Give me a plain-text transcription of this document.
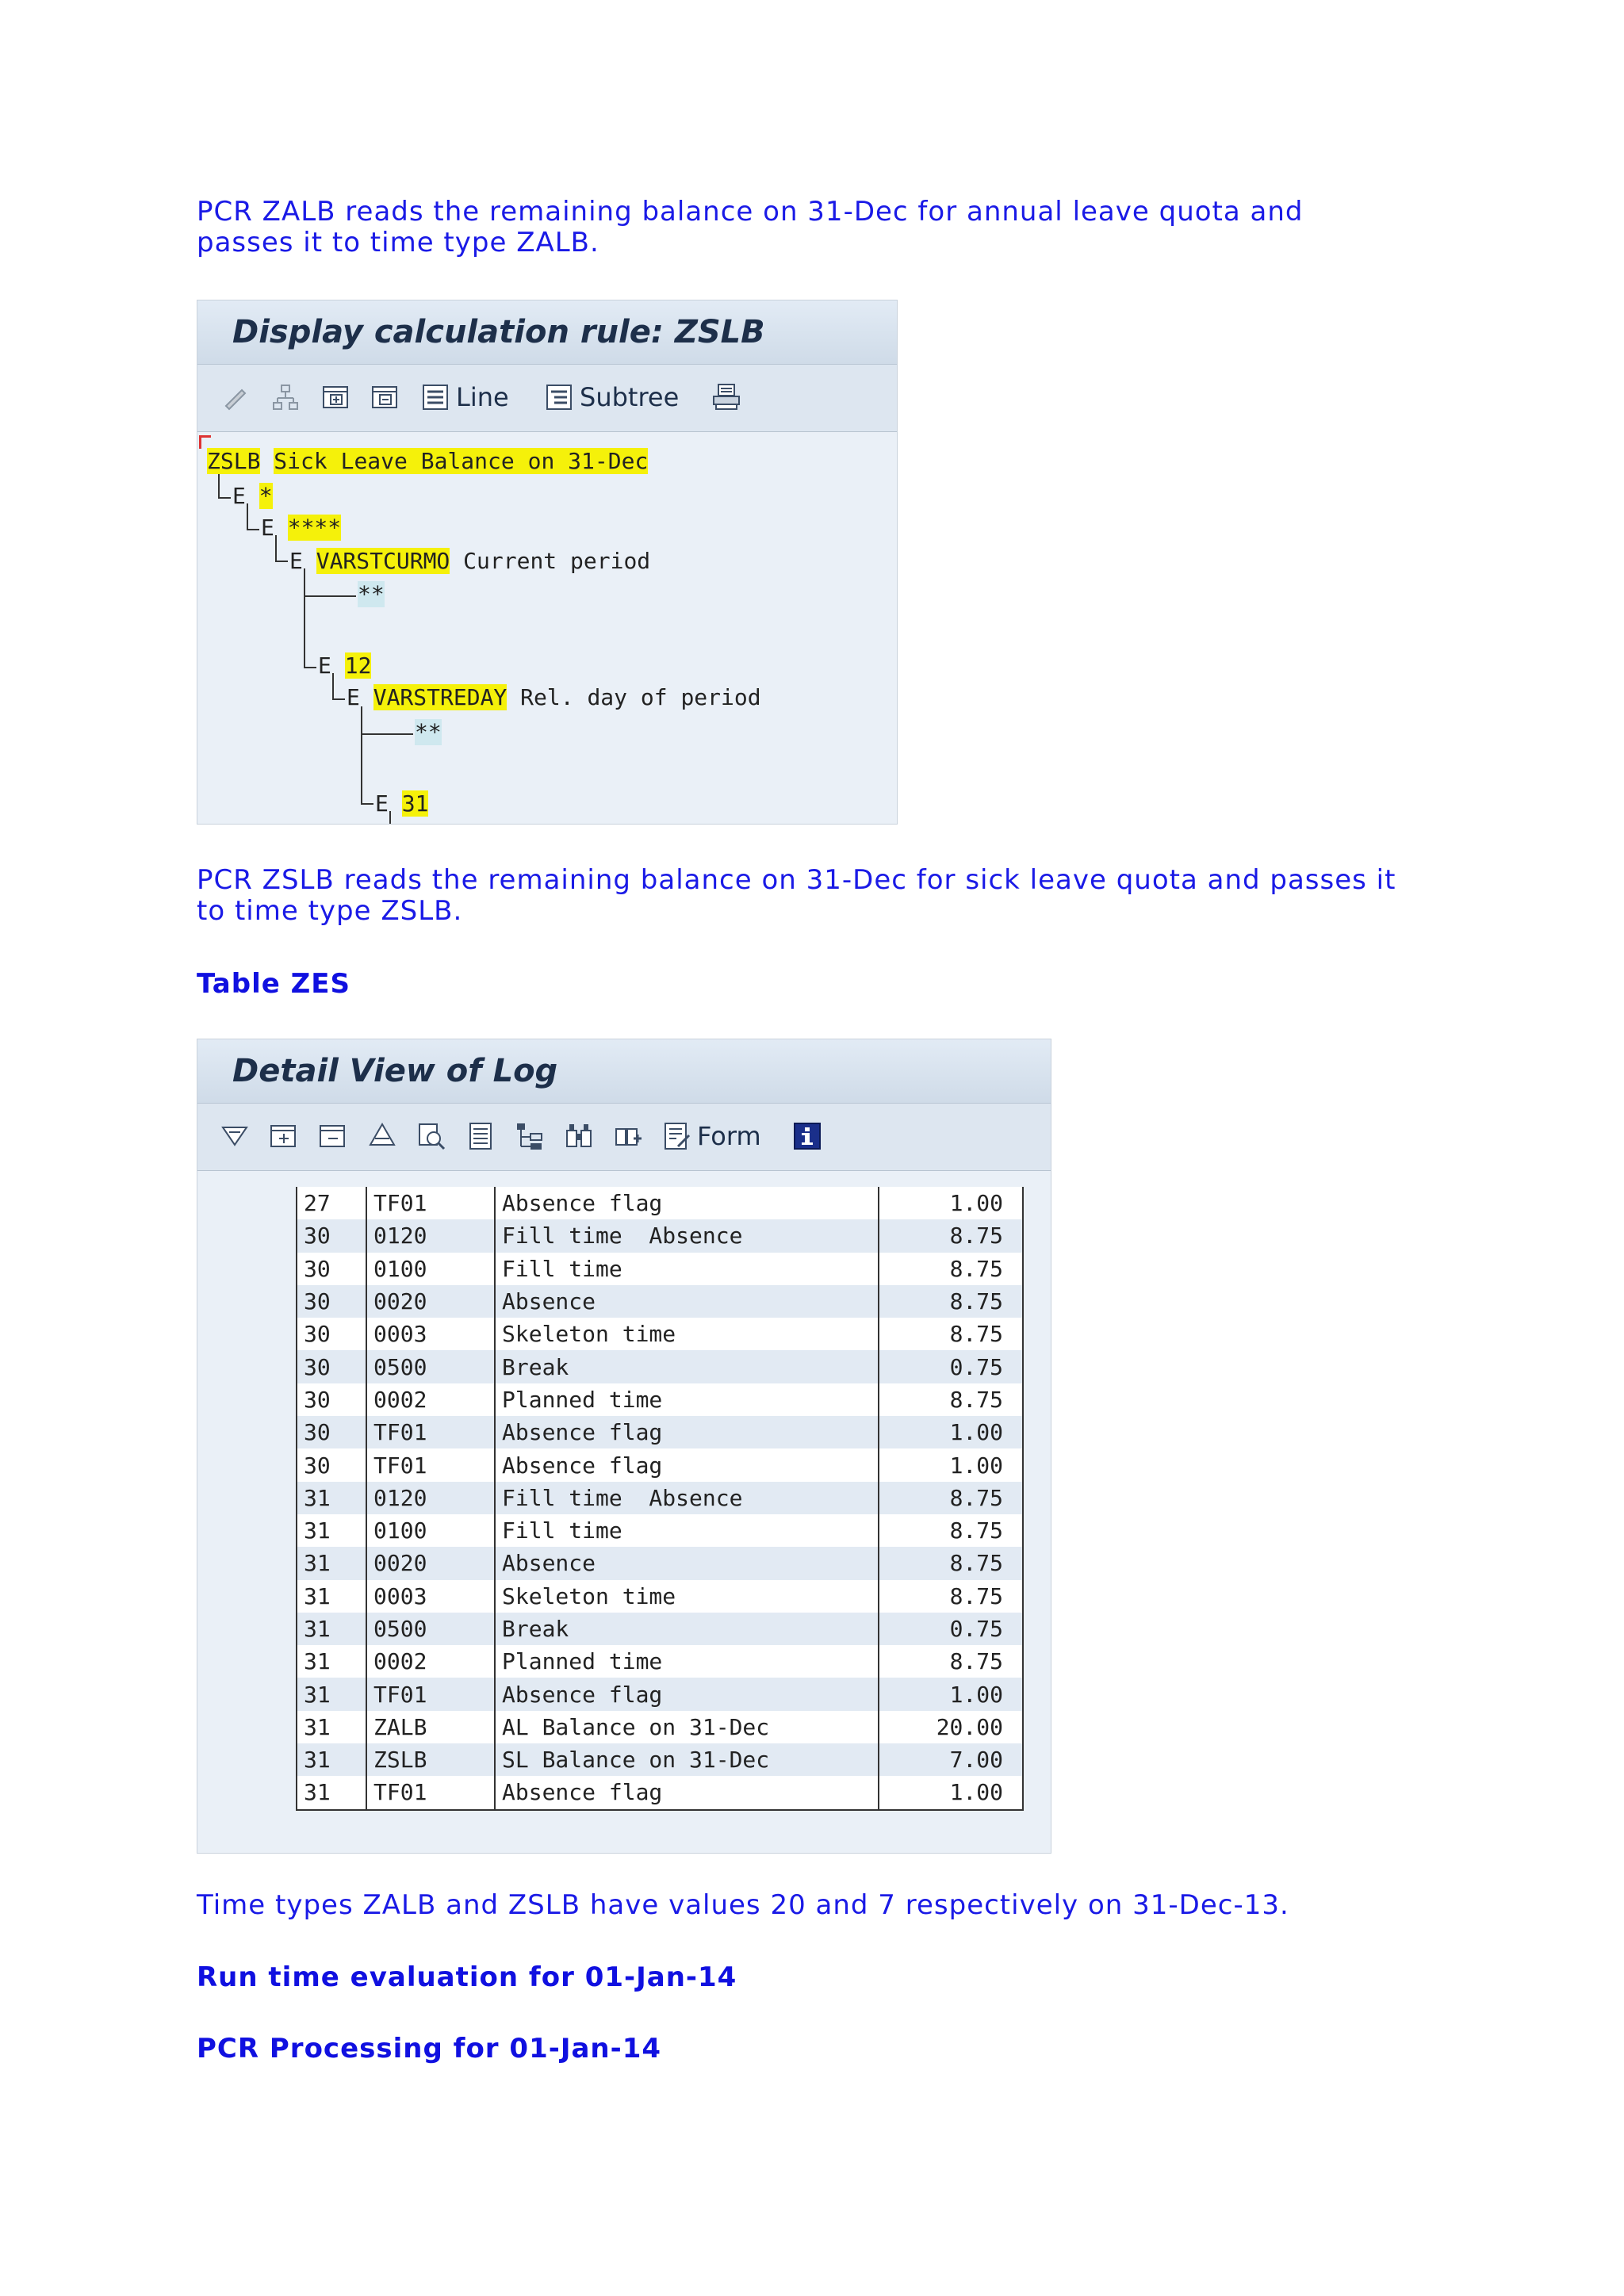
PCR ZALB reads the remaining balance on 31-Dec for annual leave quota and passes it to time type ZALB.

Display calculation rule: ZSLB
Line	Subtree
ZSLB Sick Leave Balance on 31-Dec
E *
E ****
E VARSTCURMO Current period
**
E 12
E VARSTREDAY Rel. day of period
**
E 31

PCR ZSLB reads the remaining balance on 31-Dec for sick leave quota and passes it to time type ZSLB.

Table ZES

Detail View of Log
Form
27	TF01	Absence flag	1.00
30	0120	Fill time  Absence	8.75
30	0100	Fill time	8.75
30	0020	Absence	8.75
30	0003	Skeleton time	8.75
30	0500	Break	0.75
30	0002	Planned time	8.75
30	TF01	Absence flag	1.00
30	TF01	Absence flag	1.00
31	0120	Fill time  Absence	8.75
31	0100	Fill time	8.75
31	0020	Absence	8.75
31	0003	Skeleton time	8.75
31	0500	Break	0.75
31	0002	Planned time	8.75
31	TF01	Absence flag	1.00
31	ZALB	AL Balance on 31-Dec	20.00
31	ZSLB	SL Balance on 31-Dec	7.00
31	TF01	Absence flag	1.00

Time types ZALB and ZSLB have values 20 and 7 respectively on 31-Dec-13.

Run time evaluation for 01-Jan-14

PCR Processing for 01-Jan-14
